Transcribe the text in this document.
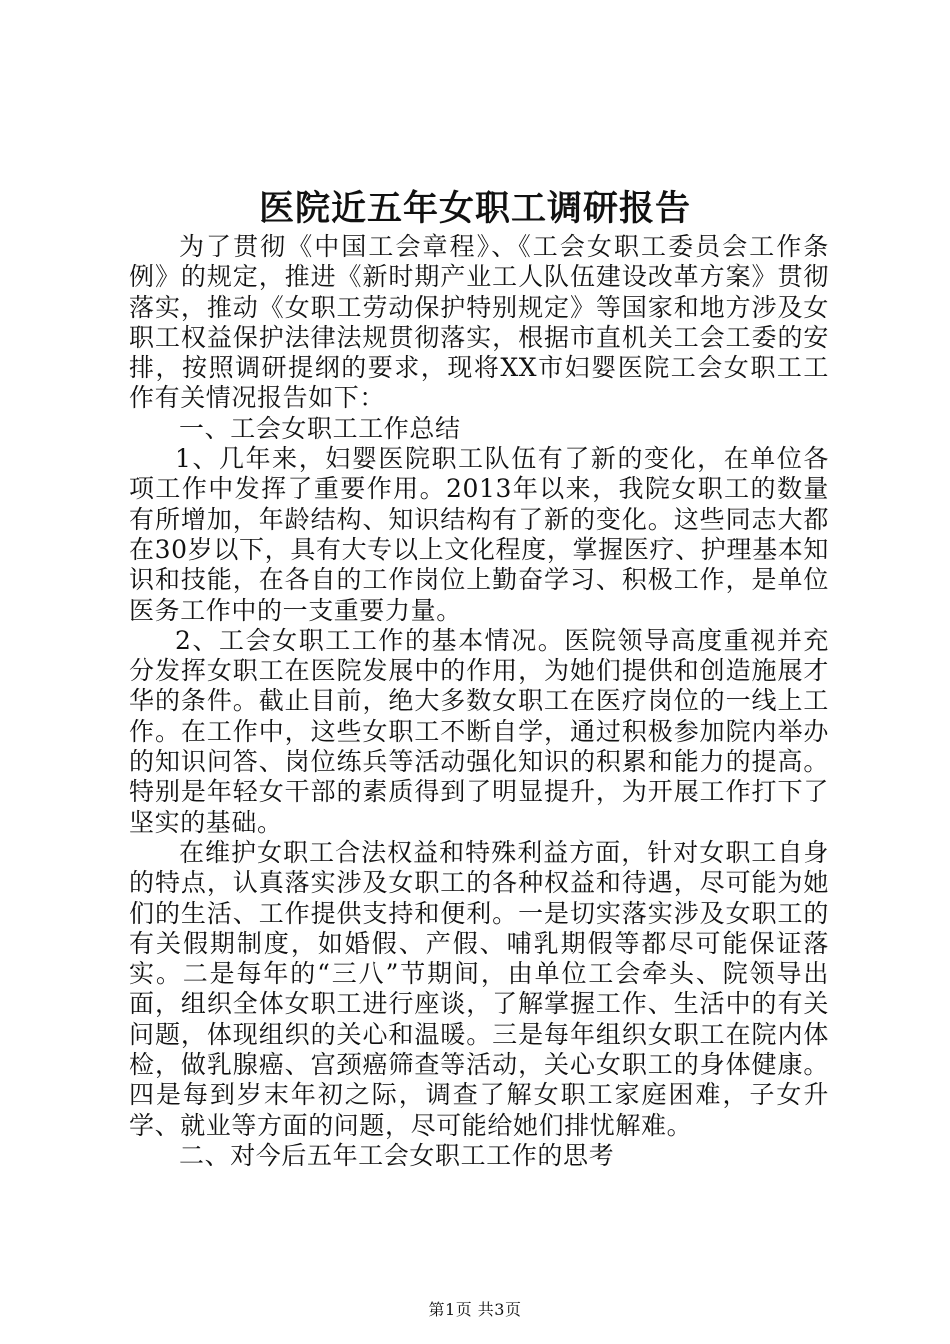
医院近五年女职工调研报告

为了贯彻《中国工会章程》、《工会女职工委员会工作条例》的规定，推进《新时期产业工人队伍建设改革方案》贯彻落实，推动《女职工劳动保护特别规定》等国家和地方涉及女职工权益保护法律法规贯彻落实，根据市直机关工会工委的安排，按照调研提纲的要求，现将XX市妇婴医院工会女职工工作有关情况报告如下：

一、工会女职工工作总结

1、几年来，妇婴医院职工队伍有了新的变化，在单位各项工作中发挥了重要作用。2013年以来，我院女职工的数量有所增加，年龄结构、知识结构有了新的变化。这些同志大都在30岁以下，具有大专以上文化程度，掌握医疗、护理基本知识和技能，在各自的工作岗位上勤奋学习、积极工作，是单位医务工作中的一支重要力量。

2、工会女职工工作的基本情况。医院领导高度重视并充分发挥女职工在医院发展中的作用，为她们提供和创造施展才华的条件。截止目前，绝大多数女职工在医疗岗位的一线上工作。在工作中，这些女职工不断自学，通过积极参加院内举办的知识问答、岗位练兵等活动强化知识的积累和能力的提高。特别是年轻女干部的素质得到了明显提升，为开展工作打下了坚实的基础。

在维护女职工合法权益和特殊利益方面，针对女职工自身的特点，认真落实涉及女职工的各种权益和待遇，尽可能为她们的生活、工作提供支持和便利。一是切实落实涉及女职工的有关假期制度，如婚假、产假、哺乳期假等都尽可能保证落实。二是每年的“三八”节期间，由单位工会牵头、院领导出面，组织全体女职工进行座谈，了解掌握工作、生活中的有关问题，体现组织的关心和温暖。三是每年组织女职工在院内体检，做乳腺癌、宫颈癌筛查等活动，关心女职工的身体健康。四是每到岁末年初之际，调查了解女职工家庭困难，子女升学、就业等方面的问题，尽可能给她们排忧解难。

二、对今后五年工会女职工工作的思考

第1页 共3页
